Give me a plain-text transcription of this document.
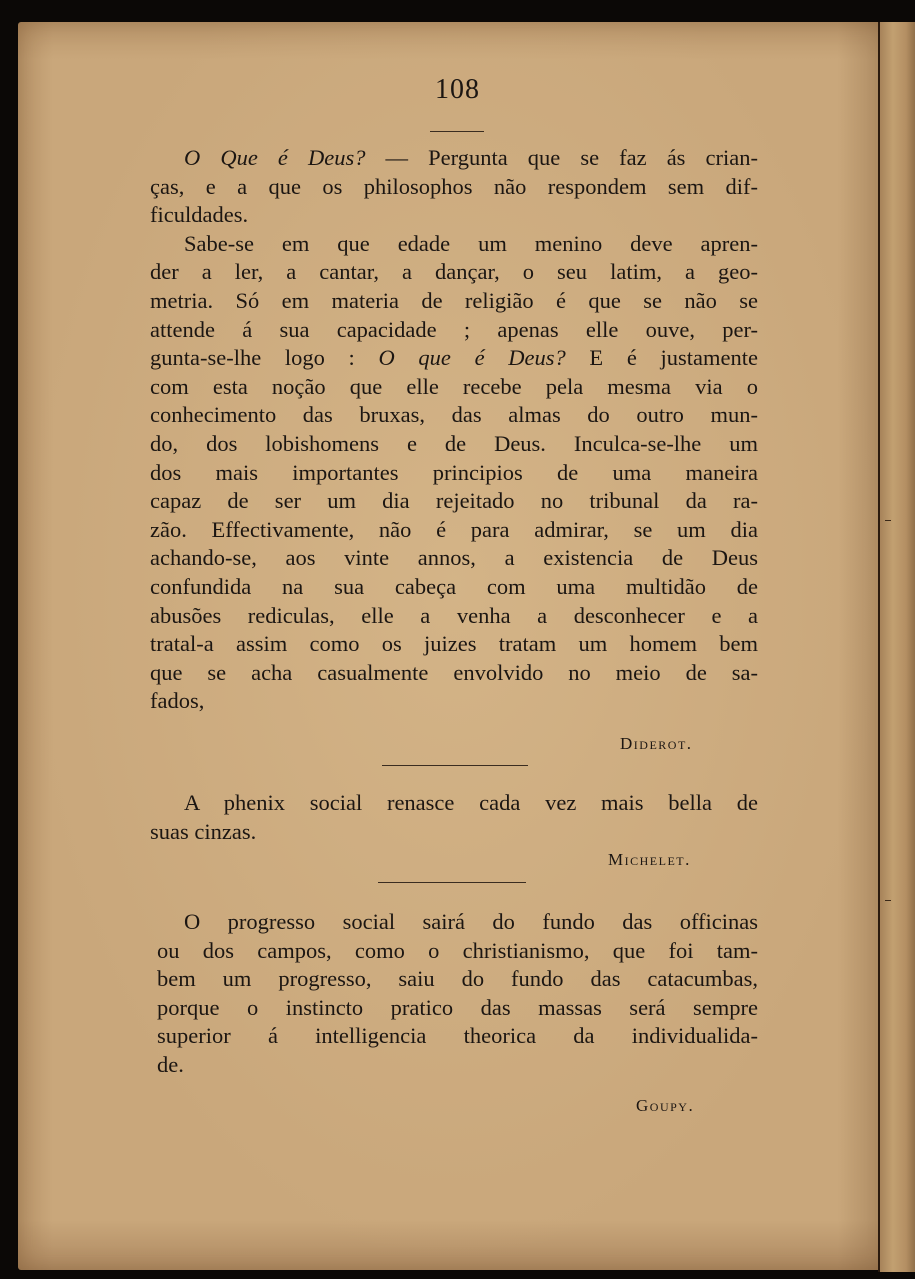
108
O Que é Deus? — Pergunta que se faz ás crian-
ças, e a que os philosophos não respondem sem dif-
ficuldades.
Sabe-se em que edade um menino deve apren-
der a ler, a cantar, a dançar, o seu latim, a geo-
metria. Só em materia de religião é que se não se
attende á sua capacidade ; apenas elle ouve, per-
gunta-se-lhe logo : O que é Deus? E é justamente
com esta noção que elle recebe pela mesma via o
conhecimento das bruxas, das almas do outro mun-
do, dos lobishomens e de Deus. Inculca-se-lhe um
dos mais importantes principios de uma maneira
capaz de ser um dia rejeitado no tribunal da ra-
zão. Effectivamente, não é para admirar, se um dia
achando-se, aos vinte annos, a existencia de Deus
confundida na sua cabeça com uma multidão de
abusões rediculas, elle a venha a desconhecer e a
tratal-a assim como os juizes tratam um homem bem
que se acha casualmente envolvido no meio de sa-
fados,
Diderot.
A phenix social renasce cada vez mais bella de
suas cinzas.
Michelet.
O progresso social sairá do fundo das officinas
ou dos campos, como o christianismo, que foi tam-
bem um progresso, saiu do fundo das catacumbas,
porque o instincto pratico das massas será sempre
superior á intelligencia theorica da individualida-
de.
Goupy.
